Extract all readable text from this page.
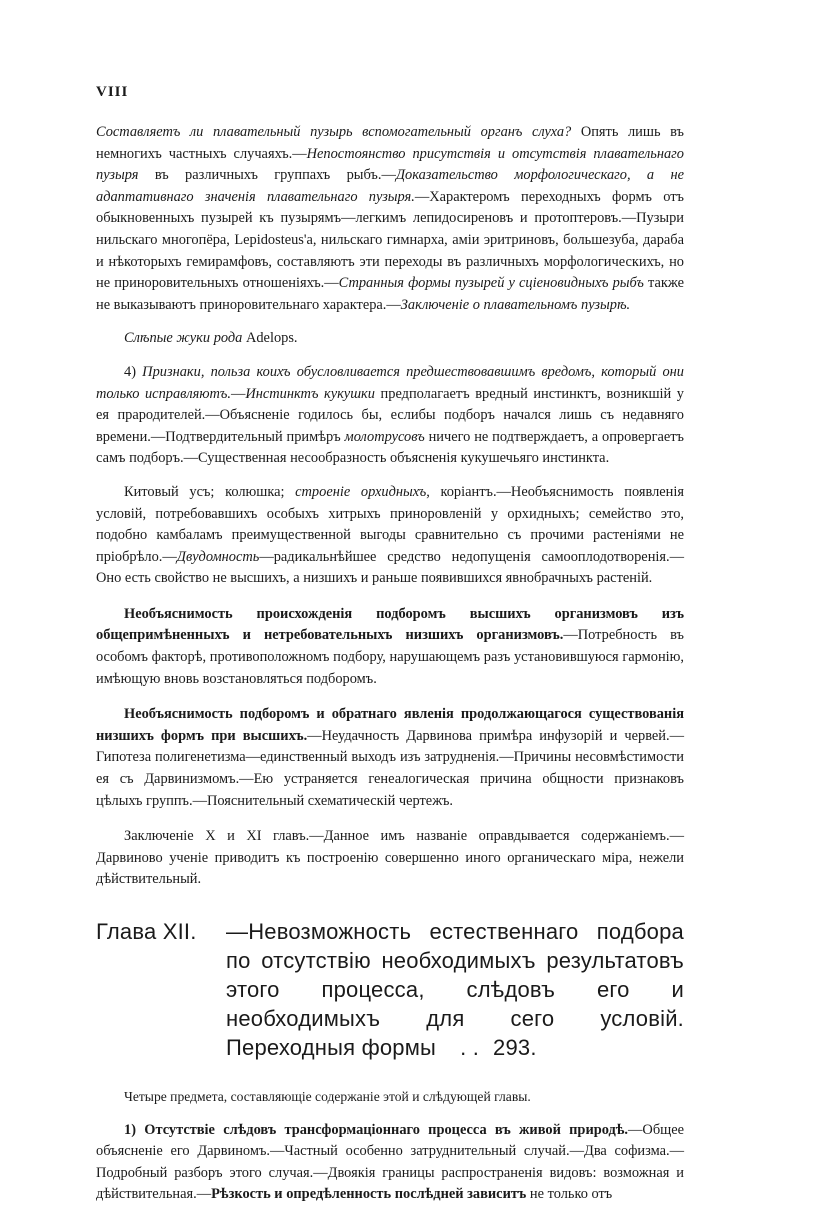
VIII

Составляетъ ли плавательный пузырь вспомогательный органъ слуха? Опять лишь въ немногихъ частныхъ случаяхъ.—Непостоянство присутствія и отсутствія плавательнаго пузыря въ различныхъ группахъ рыбъ.—Доказательство морфологическаго, а не адаптативнаго значенія плавательнаго пузыря.—Характеромъ переходныхъ формъ отъ обыкновенныхъ пузырей къ пузырямъ—легкимъ лепидосиреновъ и протоптеровъ.—Пузыри нильскаго многопёра, Lepidosteus'а, нильскаго гимнарха, аміи эритриновъ, большезуба, дараба и нѣкоторыхъ гемирамфовъ, составляютъ эти переходы въ различныхъ морфологическихъ, но не приноровительныхъ отношеніяхъ.—Странныя формы пузырей у сціеновидныхъ рыбъ также не выказываютъ приноровительнаго характера.—Заключеніе о плавательномъ пузырѣ.

Слѣпые жуки рода Adelops.

4) Признаки, польза коихъ обусловливается предшествовавшимъ вредомъ, который они только исправляютъ.—Инстинктъ кукушки предполагаетъ вредный инстинктъ, возникшій у ея прародителей.—Объясненіе годилось бы, еслибы подборъ начался лишь съ недавняго времени.—Подтвердительный примѣръ молотрусовъ ничего не подтверждаетъ, а опровергаетъ самъ подборъ.—Существенная несообразность объясненія кукушечьяго инстинкта.

Китовый усъ; колюшка; строеніе орхидныхъ, коріантъ.—Необъяснимость появленія условій, потребовавшихъ особыхъ хитрыхъ приноровленій у орхидныхъ; семейство это, подобно камбаламъ преимущественной выгоды сравнительно съ прочими растеніями не пріобрѣло.—Двудомность—радикальнѣйшее средство недопущенія самооплодотворенія.—Оно есть свойство не высшихъ, а низшихъ и раньше появившихся явнобрачныхъ растеній.

Необъяснимость происхожденія подборомъ высшихъ организмовъ изъ общепримѣненныхъ и нетребовательныхъ низшихъ организмовъ.—Потребность въ особомъ факторѣ, противоположномъ подбору, нарушающемъ разъ установившуюся гармонію, имѣющую вновь возстановляться подборомъ.

Необъяснимость подборомъ и обратнаго явленія продолжающагося существованія низшихъ формъ при высшихъ.—Неудачность Дарвинова примѣра инфузорій и червей.—Гипотеза полигенетизма—единственный выходъ изъ затрудненія.—Причины несовмѣстимости ея съ Дарвинизмомъ.—Ею устраняется генеалогическая причина общности признаковъ цѣлыхъ группъ.—Пояснительный схематическій чертежъ.

Заключеніе X и XI главъ.—Данное имъ названіе оправдывается содержаніемъ.—Дарвиново ученіе приводитъ къ построенію совершенно иного органическаго міра, нежели дѣйствительный.

Глава XII. —Невозможность естественнаго подбора по отсутствію необходимыхъ результатовъ этого процесса, слѣдовъ его и необходимыхъ для сего условій. Переходныя формы . . 293.

Четыре предмета, составляющіе содержаніе этой и слѣдующей главы.

1) Отсутствіе слѣдовъ трансформаціоннаго процесса въ живой природѣ.—Общее объясненіе его Дарвиномъ.—Частный особенно затруднительный случай.—Два софизма.—Подробный разборъ этого случая.—Двоякія границы распространенія видовъ: возможная и дѣйствительная.—Рѣзкость и опредѣленность послѣдней зависитъ не только отъ
